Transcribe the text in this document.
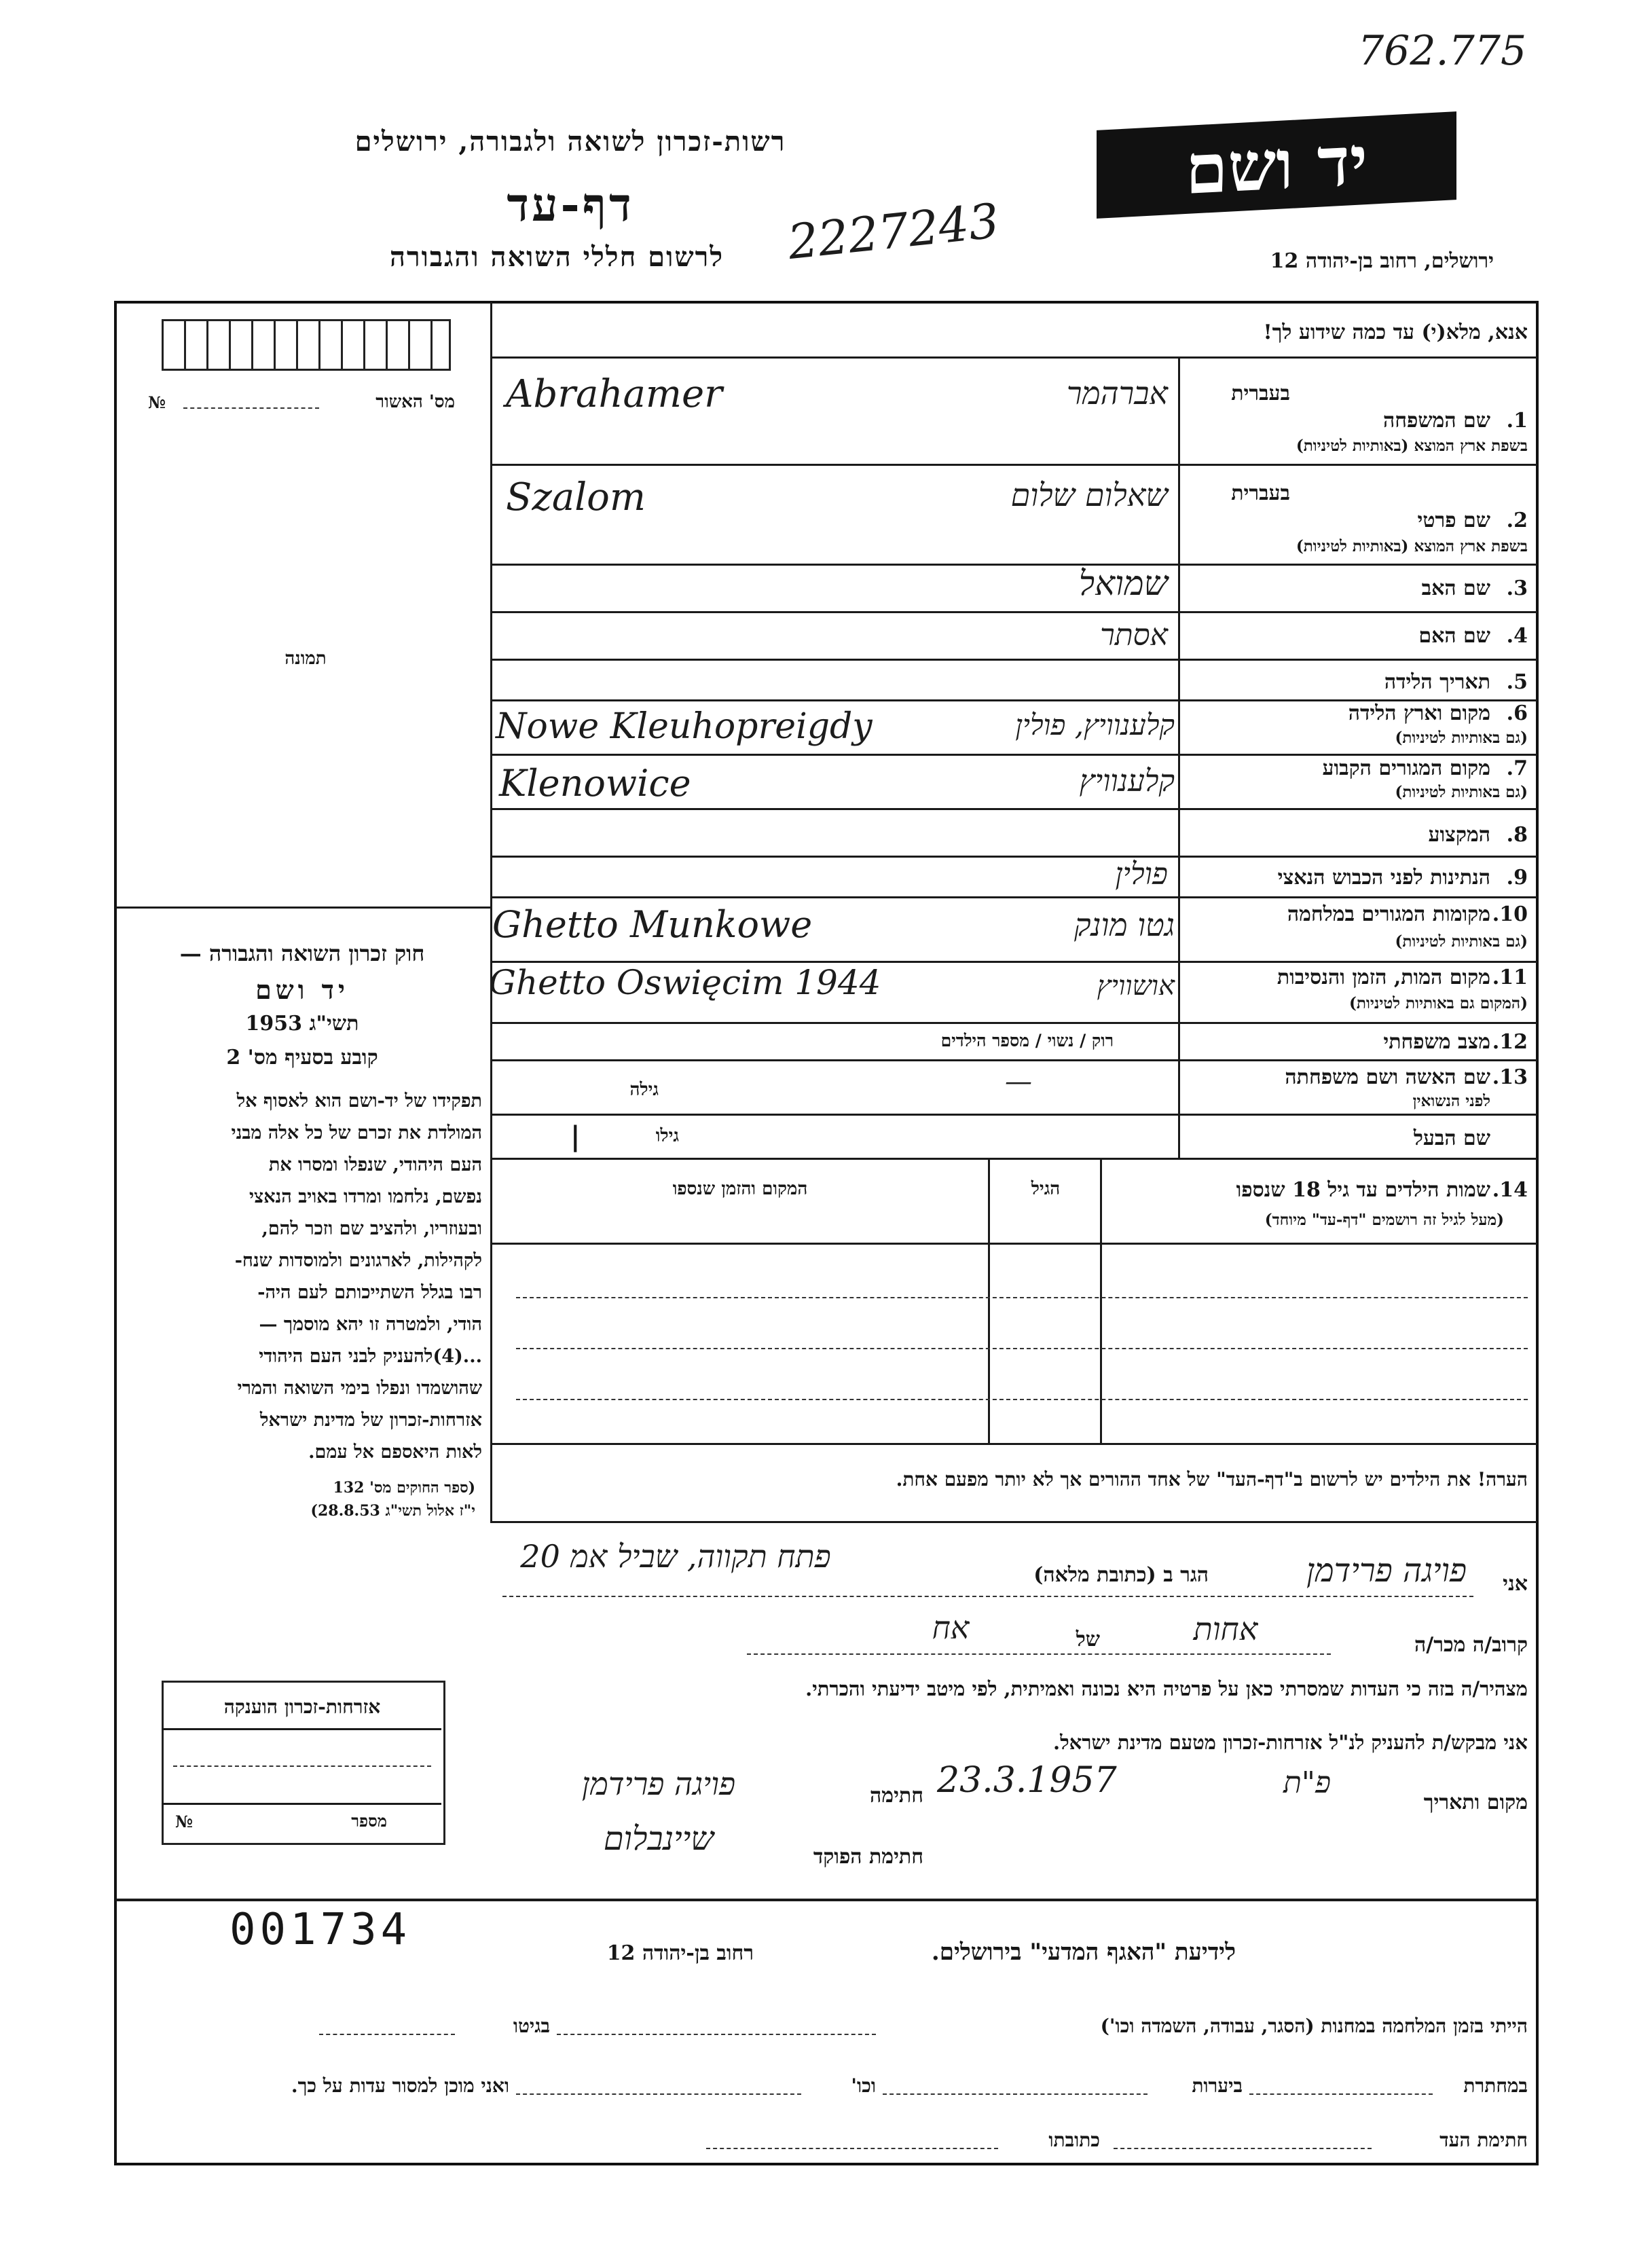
762.775
רשות-זכרון לשואה ולגבורה, ירושלים
דף-עד
לרשום חללי השואה והגבורה	2227243
יד ושם
ירושלים, רחוב בן-יהודה 12
מס' האשור
№
תמונה
חוק זכרון השואה והגבורה —
יד ושם
תשי"ג 1953
קובע בסעיף מס' 2
תפקידו של יד-ושם הוא לאסוף אל
המולדת את זכרם של כל אלה מבני
העם היהודי, שנפלו ומסרו את
נפשם, נלחמו ומרדו באויב הנאצי
ובעוזריו, ולהציב שם וזכר להם,
לקהילות, לארגונים ולמוסדות שנח-
רבו בגלל השתייכותם לעם היה-
הודי, ולמטרה זו יהא מוסמך —
...(4)להעניק לבני העם היהודי
שהושמדו ונפלו בימי השואה והמרי
אזרחות-זכרון של מדינת ישראל
לאות היאספם אל עמם.
(ספר החוקים מס' 132
י"ז אלול תשי"ג 28.8.53)
אנא, מלא(י) עד כמה שידוע לך!
1.
שם המשפחה
בשפת ארץ המוצא (באותיות לטיניות)
בעברית
Abrahamer	אברהמר
2.
שם פרטי
בשפת ארץ המוצא (באותיות לטיניות)
בעברית
Szalom	שאלום שלום
3.
שם האב
שמואל
4.
שם האם
אסתר
5.
תאריך הלידה
6.
מקום וארץ הלידה
(גם באותיות לטיניות)
Nowe Kleuhopreigdy	קלענוויץ, פולין
7.
מקום המגורים הקבוע
(גם באותיות לטיניות)
Klenowice	קלענוויץ
8.
המקצוע
9.
הנתינות לפני הכבוש הנאצי
פולין
10.
מקומות המגורים במלחמה
(גם באותיות לטיניות)
Ghetto Munkowe	גטו מונק
11.
מקום המות, הזמן והנסיבות
(המקום גם באותיות לטיניות)
Ghetto Oswięcim 1944	אושוויץ
12.
מצב משפחתי
רוק / נשוי / מספר הילדים
13.
שם האשה ושם משפחתה
לפני הנשואין
גילה	—
שם הבעל
גילו
|
14.
שמות הילדים עד גיל 18 שנספו
(מעל לגיל זה רושמים "דף-עד" מיוחד)
הגיל
המקום והזמן שנספו
הערה! את הילדים יש לרשום ב"דף-העד" של אחד ההורים אך לא יותר מפעם אחת.
אזרחות-זכרון הוענקה
מספר
№
אני
פויגה פרידמן
הגר ב (כתובת מלאה)
פתח תקווה, שביל אמ 20
קרוב/ה מכר/ה
אחות
של
אח
מצהיר/ה בזה כי העדות שמסרתי כאן על פרטיה היא נכונה ואמיתית, לפי מיטב ידיעתי והכרתי.
אני מבקש/ת להעניק לנ"ל אזרחות-זכרון מטעם מדינת ישראל.
מקום ותאריך
פ"ת
23.3.1957
חתימה
פויגה פרידמן
חתימת הפוקד
שיינבלום
001734	לידיעת "האגף המדעי" בירושלים.
רחוב בן-יהודה 12
הייתי בזמן המלחמה במחנות (הסגר, עבודה, השמדה וכו')
בגיטו
במחתרת
ביערות
וכו'
ואני מוכן למסור עדות על כך.
חתימת העד
כתובתו
